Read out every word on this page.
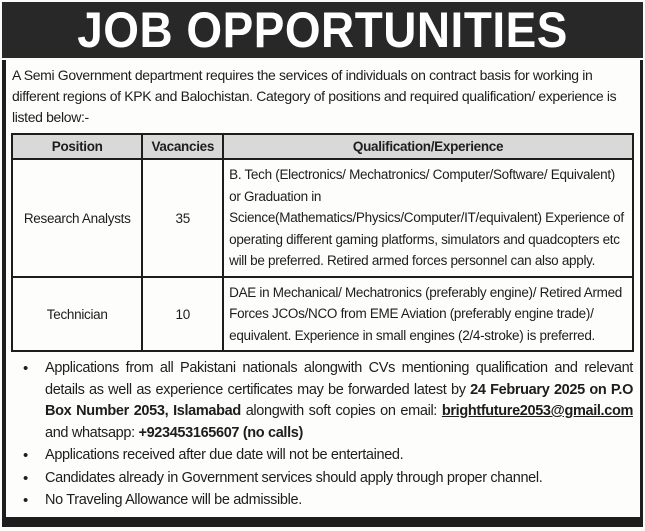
JOB OPPORTUNITIES

A Semi Government department requires the services of individuals on contract basis for working in different regions of KPK and Balochistan. Category of positions and required qualification/ experience is listed below:-

Position	Vacancies	Qualification/Experience
Research Analysts	35	B. Tech (Electronics/ Mechatronics/ Computer/Software/ Equivalent) or Graduation in Science(Mathematics/Physics/Computer/IT/equivalent) Experience of operating different gaming platforms, simulators and quadcopters etc will be preferred. Retired armed forces personnel can also apply.
Technician	10	DAE in Mechanical/ Mechatronics (preferably engine)/ Retired Armed Forces JCOs/NCO from EME Aviation (preferably engine trade)/ equivalent. Experience in small engines (2/4-stroke) is preferred.
• Applications from all Pakistani nationals alongwith CVs mentioning qualification and relevant details as well as experience certificates may be forwarded latest by 24 February 2025 on P.O Box Number 2053, Islamabad alongwith soft copies on email: brightfuture2053@gmail.com and whatsapp: +923453165607 (no calls)
• Applications received after due date will not be entertained.
• Candidates already in Government services should apply through proper channel.
• No Traveling Allowance will be admissible.
